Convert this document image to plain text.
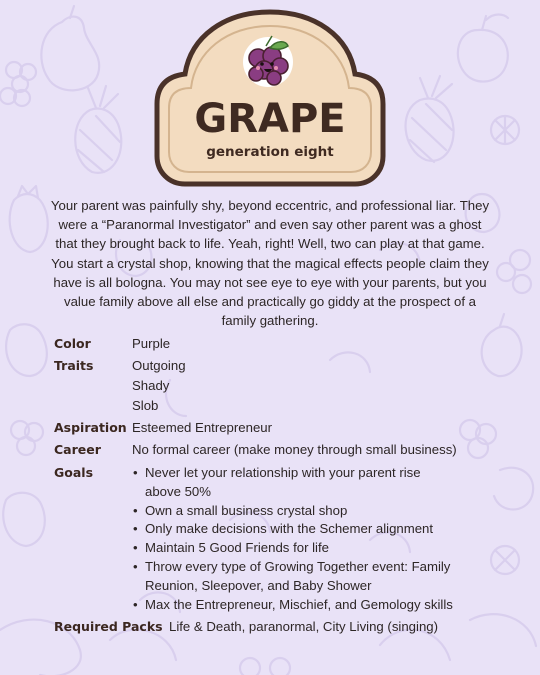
GRAPE
generation eight
Your parent was painfully shy, beyond eccentric, and professional liar. They were a “Paranormal Investigator” and even say other parent was a ghost that they brought back to life. Yeah, right! Well, two can play at that game. You start a crystal shop, knowing that the magical effects people claim they have is all bologna. You may not see eye to eye with your parents, but you value family above all else and practically go giddy at the prospect of a family gathering.
Color	Purple
Traits	Outgoing
Shady
Slob
Aspiration Esteemed Entrepreneur
Career No formal career (make money through small business)
Goals
•	Never let your relationship with your parent rise above 50%
• Own a small business crystal shop
• Only make decisions with the Schemer alignment
• Maintain 5 Good Friends for life
• Throw every type of Growing Together event: Family Reunion, Sleepover, and Baby Shower
• Max the Entrepreneur, Mischief, and Gemology skills
Required Packs Life & Death, paranormal, City Living (singing)
